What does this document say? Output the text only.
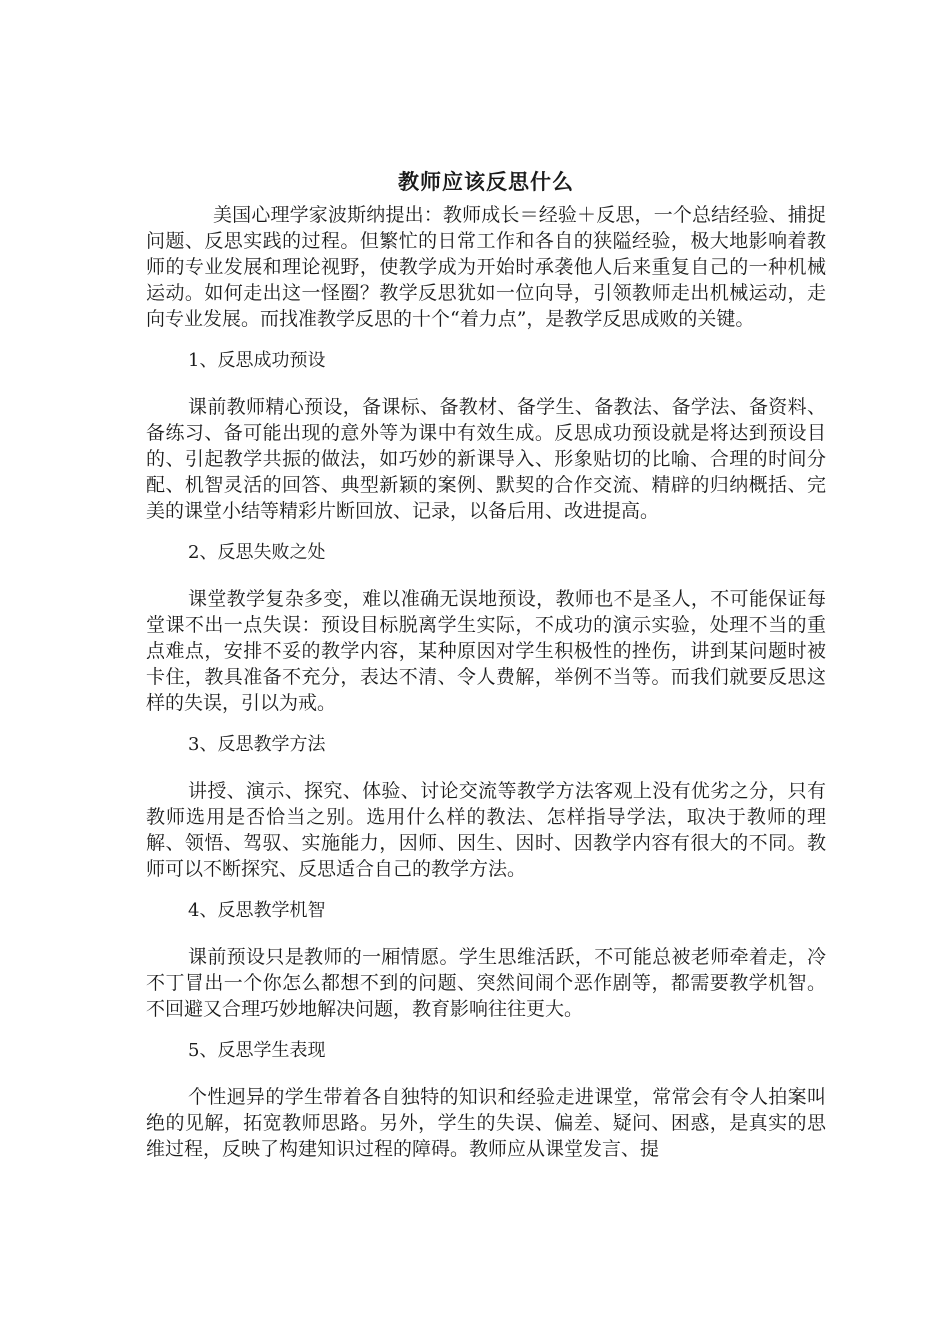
教师应该反思什么

美国心理学家波斯纳提出：教师成长＝经验＋反思，一个总结经验、捕捉问题、反思实践的过程。但繁忙的日常工作和各自的狭隘经验，极大地影响着教师的专业发展和理论视野，使教学成为开始时承袭他人后来重复自己的一种机械运动。如何走出这一怪圈？教学反思犹如一位向导，引领教师走出机械运动，走向专业发展。而找准教学反思的十个“着力点”，是教学反思成败的关键。

1、反思成功预设

课前教师精心预设，备课标、备教材、备学生、备教法、备学法、备资料、备练习、备可能出现的意外等为课中有效生成。反思成功预设就是将达到预设目的、引起教学共振的做法，如巧妙的新课导入、形象贴切的比喻、合理的时间分配、机智灵活的回答、典型新颖的案例、默契的合作交流、精辟的归纳概括、完美的课堂小结等精彩片断回放、记录，以备后用、改进提高。

2、反思失败之处

课堂教学复杂多变，难以准确无误地预设，教师也不是圣人，不可能保证每堂课不出一点失误：预设目标脱离学生实际，不成功的演示实验，处理不当的重点难点，安排不妥的教学内容，某种原因对学生积极性的挫伤，讲到某问题时被卡住，教具准备不充分，表达不清、令人费解，举例不当等。而我们就要反思这样的失误，引以为戒。

3、反思教学方法

讲授、演示、探究、体验、讨论交流等教学方法客观上没有优劣之分，只有教师选用是否恰当之别。选用什么样的教法、怎样指导学法，取决于教师的理解、领悟、驾驭、实施能力，因师、因生、因时、因教学内容有很大的不同。教师可以不断探究、反思适合自己的教学方法。

4、反思教学机智

课前预设只是教师的一厢情愿。学生思维活跃，不可能总被老师牵着走，冷不丁冒出一个你怎么都想不到的问题、突然间闹个恶作剧等，都需要教学机智。不回避又合理巧妙地解决问题，教育影响往往更大。

5、反思学生表现

个性迥异的学生带着各自独特的知识和经验走进课堂，常常会有令人拍案叫绝的见解，拓宽教师思路。另外，学生的失误、偏差、疑问、困惑，是真实的思维过程，反映了构建知识过程的障碍。教师应从课堂发言、提
